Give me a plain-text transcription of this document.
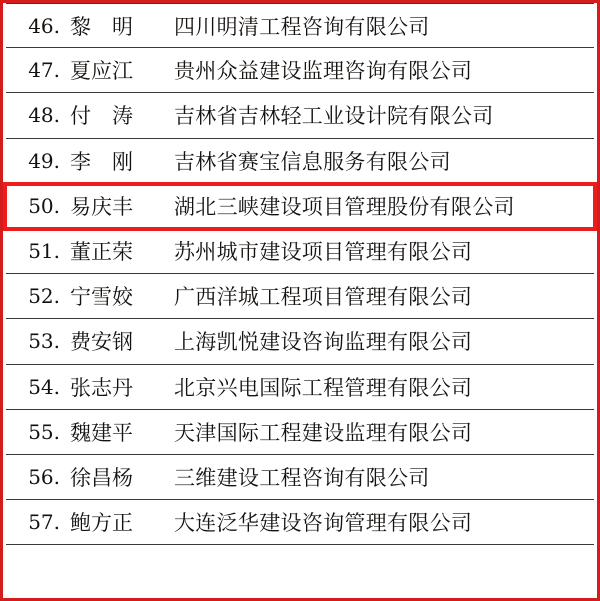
46. 黎　明	四川明清工程咨询有限公司
47. 夏应江	贵州众益建设监理咨询有限公司
48. 付　涛	吉林省吉林轻工业设计院有限公司
49. 李　刚	吉林省赛宝信息服务有限公司
50. 易庆丰	湖北三峡建设项目管理股份有限公司
51. 董正荣	苏州城市建设项目管理有限公司
52. 宁雪姣	广西洋城工程项目管理有限公司
53. 费安钢	上海凯悦建设咨询监理有限公司
54. 张志丹	北京兴电国际工程管理有限公司
55. 魏建平	天津国际工程建设监理有限公司
56. 徐昌杨	三维建设工程咨询有限公司
57. 鲍方正	大连泛华建设咨询管理有限公司
